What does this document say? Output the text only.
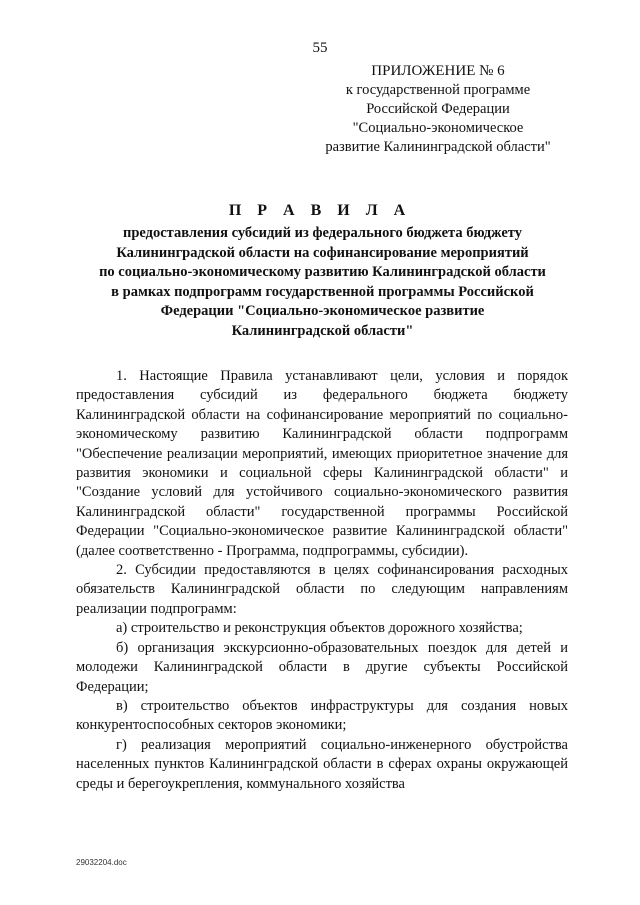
55
ПРИЛОЖЕНИЕ № 6
к государственной программе
Российской Федерации
"Социально-экономическое
развитие Калининградской области"
П Р А В И Л А
предоставления субсидий из федерального бюджета бюджету
Калининградской области на софинансирование мероприятий
по социально-экономическому развитию Калининградской области
в рамках подпрограмм государственной программы Российской
Федерации "Социально-экономическое развитие
Калининградской области"

1. Настоящие Правила устанавливают цели, условия и порядок предоставления субсидий из федерального бюджета бюджету Калининградской области на софинансирование мероприятий по социально-экономическому развитию Калининградской области подпрограмм "Обеспечение реализации мероприятий, имеющих приоритетное значение для развития экономики и социальной сферы Калининградской области" и "Создание условий для устойчивого социально-экономического развития Калининградской области" государственной программы Российской Федерации "Социально-экономическое развитие Калининградской области" (далее соответственно - Программа, подпрограммы, субсидии).

2. Субсидии предоставляются в целях софинансирования расходных обязательств Калининградской области по следующим направлениям реализации подпрограмм:

а) строительство и реконструкция объектов дорожного хозяйства;

б) организация экскурсионно-образовательных поездок для детей и молодежи Калининградской области в другие субъекты Российской Федерации;

в) строительство объектов инфраструктуры для создания новых конкурентоспособных секторов экономики;

г) реализация мероприятий социально-инженерного обустройства населенных пунктов Калининградской области в сферах охраны окружающей среды и берегоукрепления, коммунального хозяйства

29032204.doc
